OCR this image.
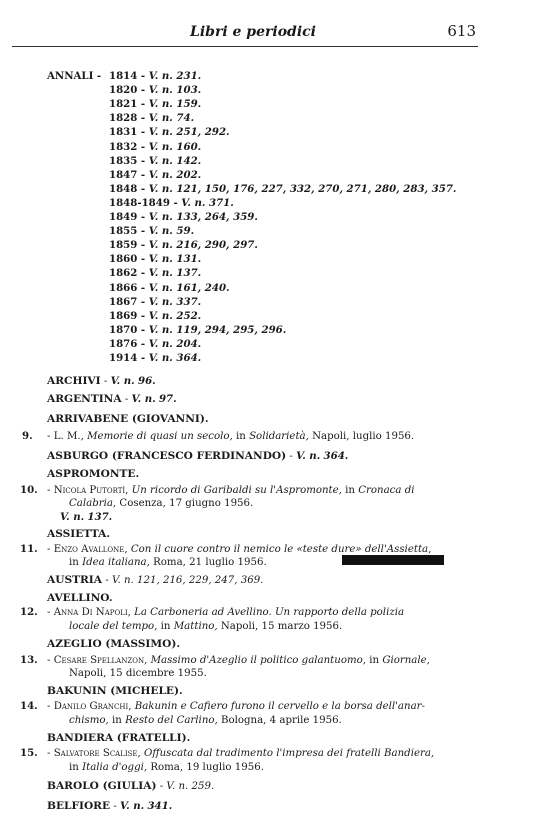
Libri e periodici	613
ANNALI - 1814 - V. n. 231.
1820 - V. n. 103.
1821 - V. n. 159.
1828 - V. n. 74.
1831 - V. n. 251, 292.
1832 - V. n. 160.
1835 - V. n. 142.
1847 - V. n. 202.
1848 - V. n. 121, 150, 176, 227, 332, 270, 271, 280, 283, 357.
1848-1849 - V. n. 371.
1849 - V. n. 133, 264, 359.
1855 - V. n. 59.
1859 - V. n. 216, 290, 297.
1860 - V. n. 131.
1862 - V. n. 137.
1866 - V. n. 161, 240.
1867 - V. n. 337.
1869 - V. n. 252.
1870 - V. n. 119, 294, 295, 296.
1876 - V. n. 204.
1914 - V. n. 364.
ARCHIVI - V. n. 96.
ARGENTINA - V. n. 97.
ARRIVABENE (GIOVANNI).
9. - L. M., Memorie di quasi un secolo, in Solidarietà, Napoli, luglio 1956.
ASBURGO (FRANCESCO FERDINANDO) - V. n. 364.
ASPROMONTE.
10. - Nicola Putortì, Un ricordo di Garibaldi su l'Aspromonte, in Cronaca di
Calabria, Cosenza, 17 giugno 1956.
V. n. 137.
ASSIETTA.
11. - Enzo Avallone, Con il cuore contro il nemico le «teste dure» dell'Assietta,
in Idea italiana, Roma, 21 luglio 1956.
AUSTRIA - V. n. 121, 216, 229, 247, 369.
AVELLINO.
12. - Anna Di Napoli, La Carboneria ad Avellino. Un rapporto della polizia
locale del tempo, in Mattino, Napoli, 15 marzo 1956.
AZEGLIO (MASSIMO).
13. - Cesare Spellanzon, Massimo d'Azeglio il politico galantuomo, in Giornale,
Napoli, 15 dicembre 1955.
BAKUNIN (MICHELE).
14. - Danilo Granchi, Bakunin e Cafiero furono il cervello e la borsa dell'anar-
chismo, in Resto del Carlino, Bologna, 4 aprile 1956.
BANDIERA (FRATELLI).
15. - Salvatore Scalise, Offuscata dal tradimento l'impresa dei fratelli Bandiera,
in Italia d'oggi, Roma, 19 luglio 1956.
BAROLO (GIULIA) - V. n. 259.
BELFIORE - V. n. 341.
